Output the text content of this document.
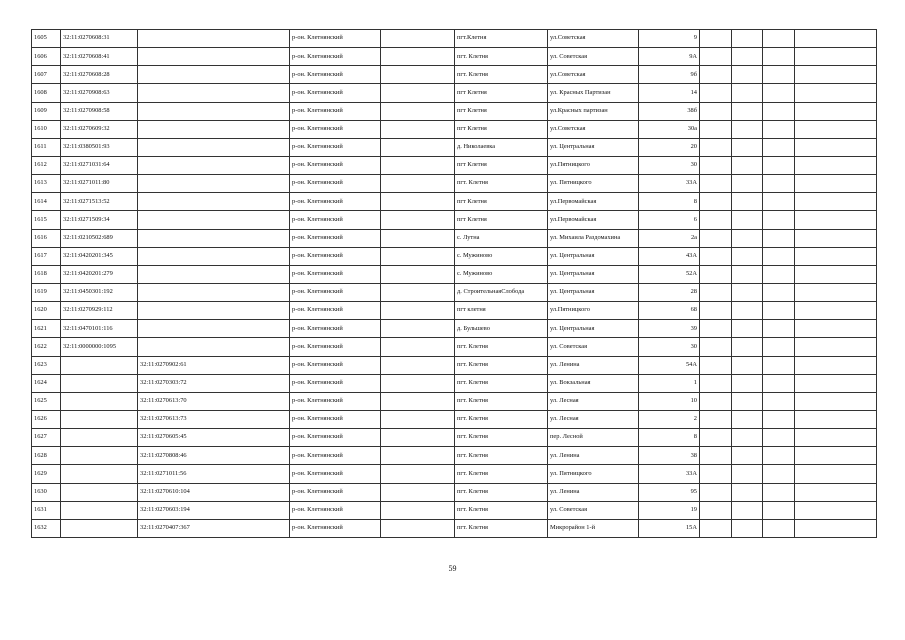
1605	32:11:0270608:31		р-он. Клетнянский		пгт.Клетня	ул.Советская	9				
1606	32:11:0270608:41		р-он. Клетнянский		пгт. Клетня	ул. Советская	9А				
1607	32:11:0270608:28		р-он. Клетнянский		пгт. Клетня	ул.Советская	9б				
1608	32:11:0270908:63		р-он. Клетнянский		пгт Клетня	ул. Красных Партизан	14				
1609	32:11:0270908:58		р-он. Клетнянский		пгт Клетня	ул.Красных партизан	38б				
1610	32:11:0270609:32		р-он. Клетнянский		пгт Клетня	ул.Советская	30а				
1611	32:11:0380501:93		р-он. Клетнянский		д. Николаевка	ул. Центральная	20				
1612	32:11:0271031:64		р-он. Клетнянский		пгт Клетня	ул.Пятницкого	30				
1613	32:11:0271011:80		р-он. Клетнянский		пгт. Клетня	ул. Пятницкого	33А				
1614	32:11:0271513:52		р-он. Клетнянский		пгт Клетня	ул.Первомайская	8				
1615	32:11:0271509:34		р-он. Клетнянский		пгт Клетня	ул.Первомайская	6				
1616	32:11:0210502:689		р-он. Клетнянский		с. Лутна	ул. Михаила Раздомахина	2а				
1617	32:11:0420201:345		р-он. Клетнянский		с. Мужиново	ул. Центральная	43А				
1618	32:11:0420201:279		р-он. Клетнянский		с. Мужиново	ул. Центральная	52А				
1619	32:11:0450301:192		р-он. Клетнянский		д. СтроительнаяСлобода	ул. Центральная	28				
1620	32:11:0270929:112		р-он. Клетнянский		пгт клетня	ул.Пятницкого	68				
1621	32:11:0470101:116		р-он. Клетнянский		д. Бульшево	ул. Центральная	39				
1622	32:11:0000000:1095		р-он. Клетнянский		пгт. Клетня	ул. Советская	30				
1623		32:11:0270902:61	р-он. Клетнянский		пгт. Клетня	ул. Ленина	54А				
1624		32:11:0270303:72	р-он. Клетнянский		пгт. Клетня	ул. Вокзальная	1				
1625		32:11:0270613:70	р-он. Клетнянский		пгт. Клетня	ул. Лесная	10				
1626		32:11:0270613:73	р-он. Клетнянский		пгт. Клетня	ул. Лесная	2				
1627		32:11:0270605:45	р-он. Клетнянский		пгт. Клетня	пер. Лесной	8				
1628		32:11:0270808:46	р-он. Клетнянский		пгт. Клетня	ул. Ленина	38				
1629		32:11:0271011:56	р-он. Клетнянский		пгт. Клетня	ул. Пятницкого	33А				
1630		32:11:0270610:104	р-он. Клетнянский		пгт. Клетня	ул. Ленина	95				
1631		32:11:0270603:194	р-он. Клетнянский		пгт. Клетня	ул. Советская	19				
1632		32:11:0270407:367	р-он. Клетнянский		пгт. Клетня	Микрорайон 1-й	15А				
59
